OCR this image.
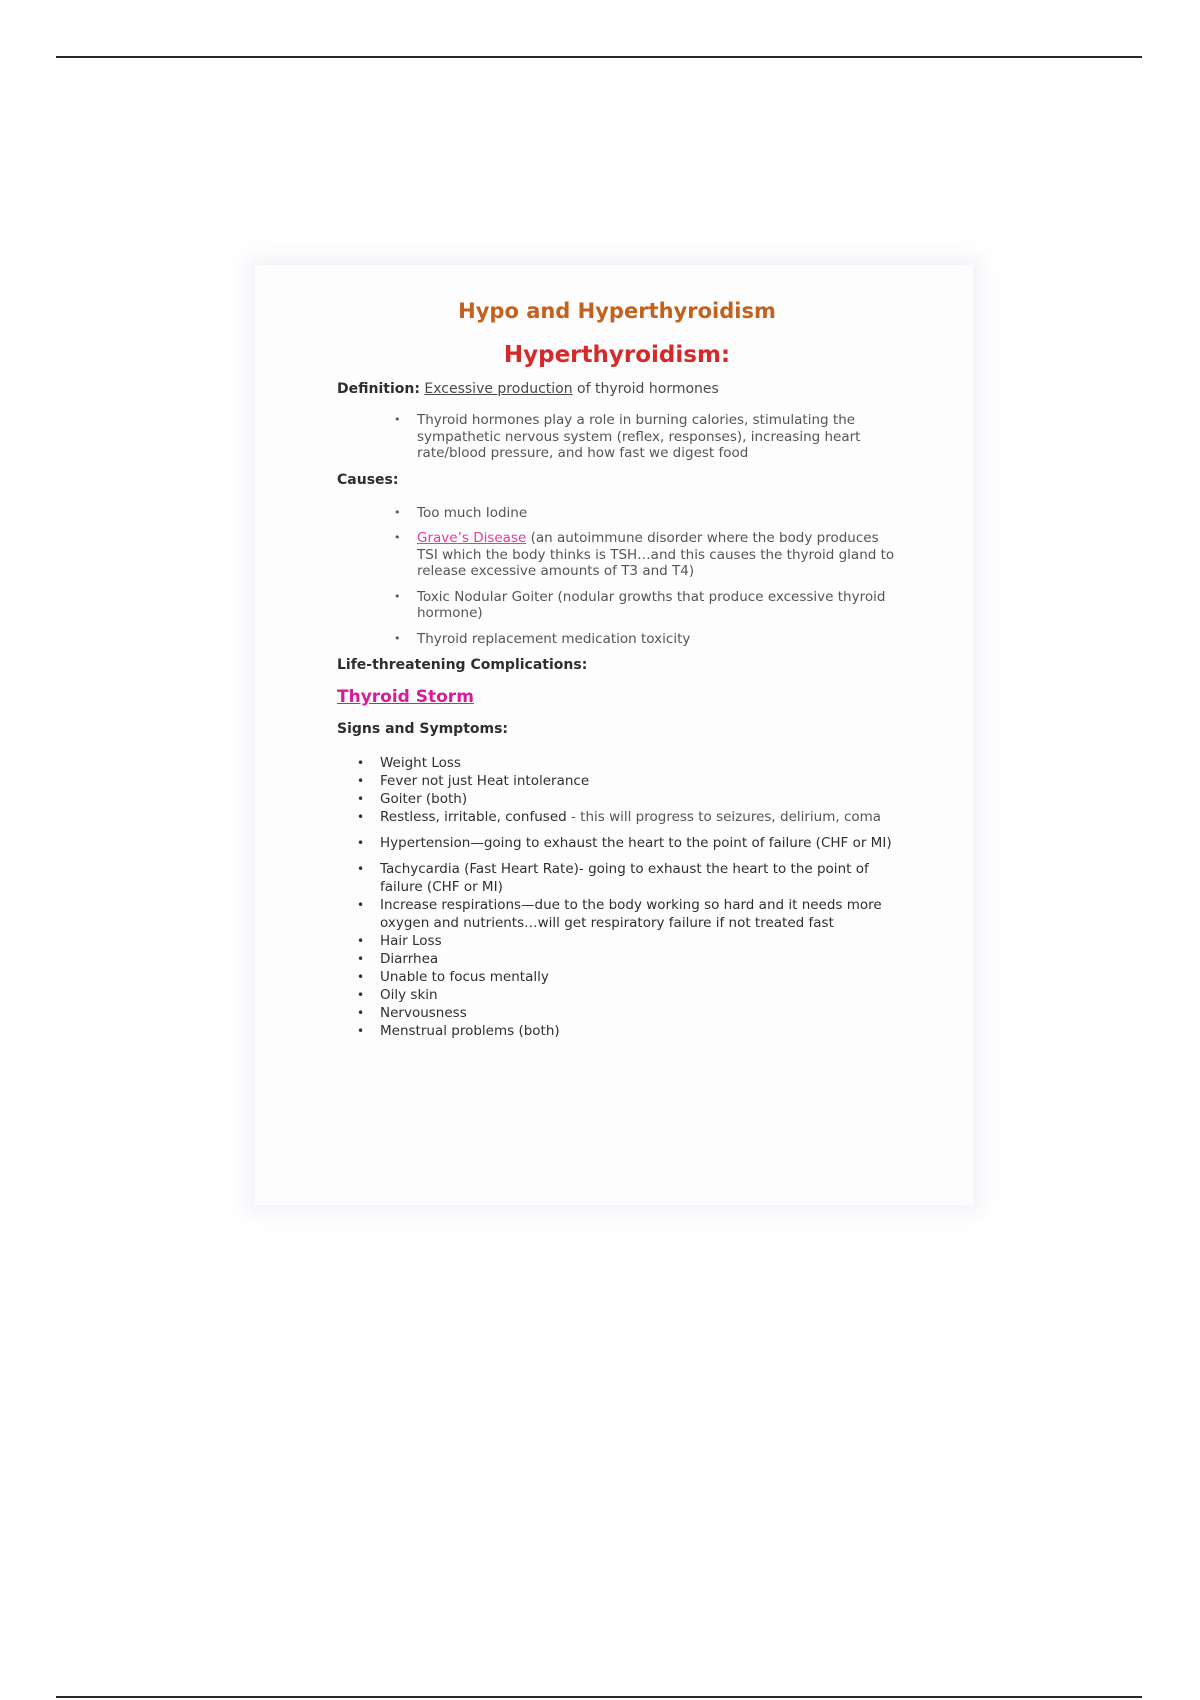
Hypo and Hyperthyroidism
Hyperthyroidism:

Definition: Excessive production of thyroid hormones

• Thyroid hormones play a role in burning calories, stimulating the sympathetic nervous system (reflex, responses), increasing heart rate/blood pressure, and how fast we digest food

Causes:

• Too much Iodine
• Grave’s Disease (an autoimmune disorder where the body produces TSI which the body thinks is TSH…and this causes the thyroid gland to release excessive amounts of T3 and T4)
• Toxic Nodular Goiter (nodular growths that produce excessive thyroid hormone)
• Thyroid replacement medication toxicity

Life-threatening Complications:

Thyroid Storm

Signs and Symptoms:

• Weight Loss
• Fever not just Heat intolerance
• Goiter (both)
• Restless, irritable, confused - this will progress to seizures, delirium, coma
• Hypertension—going to exhaust the heart to the point of failure (CHF or MI)
• Tachycardia (Fast Heart Rate)- going to exhaust the heart to the point of failure (CHF or MI)
• Increase respirations—due to the body working so hard and it needs more oxygen and nutrients…will get respiratory failure if not treated fast
• Hair Loss
• Diarrhea
• Unable to focus mentally
• Oily skin
• Nervousness
• Menstrual problems (both)
